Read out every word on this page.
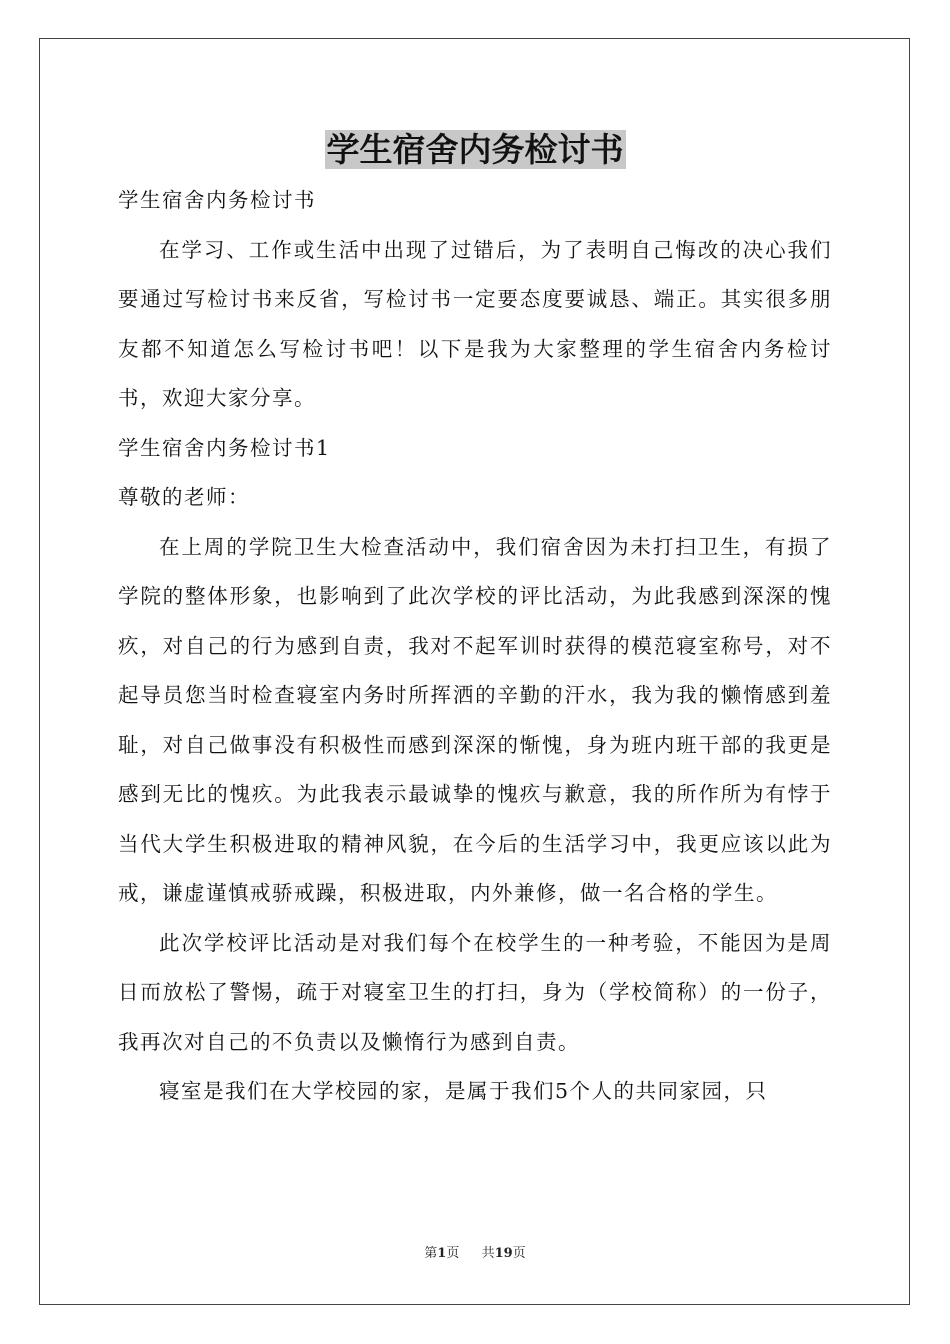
学生宿舍内务检讨书

学生宿舍内务检讨书

在学习、工作或生活中出现了过错后，为了表明自己悔改的决心我们要通过写检讨书来反省，写检讨书一定要态度要诚恳、端正。其实很多朋友都不知道怎么写检讨书吧！以下是我为大家整理的学生宿舍内务检讨书，欢迎大家分享。

学生宿舍内务检讨书1

尊敬的老师：

在上周的学院卫生大检查活动中，我们宿舍因为未打扫卫生，有损了学院的整体形象，也影响到了此次学校的评比活动，为此我感到深深的愧疚，对自己的行为感到自责，我对不起军训时获得的模范寝室称号，对不起导员您当时检查寝室内务时所挥洒的辛勤的汗水，我为我的懒惰感到羞耻，对自己做事没有积极性而感到深深的惭愧，身为班内班干部的我更是感到无比的愧疚。为此我表示最诚挚的愧疚与歉意，我的所作所为有悖于当代大学生积极进取的精神风貌，在今后的生活学习中，我更应该以此为戒，谦虚谨慎戒骄戒躁，积极进取，内外兼修，做一名合格的学生。

此次学校评比活动是对我们每个在校学生的一种考验，不能因为是周日而放松了警惕，疏于对寝室卫生的打扫，身为（学校简称）的一份子，我再次对自己的不负责以及懒惰行为感到自责。

寝室是我们在大学校园的家，是属于我们5个人的共同家园，只

第1页 共19页
